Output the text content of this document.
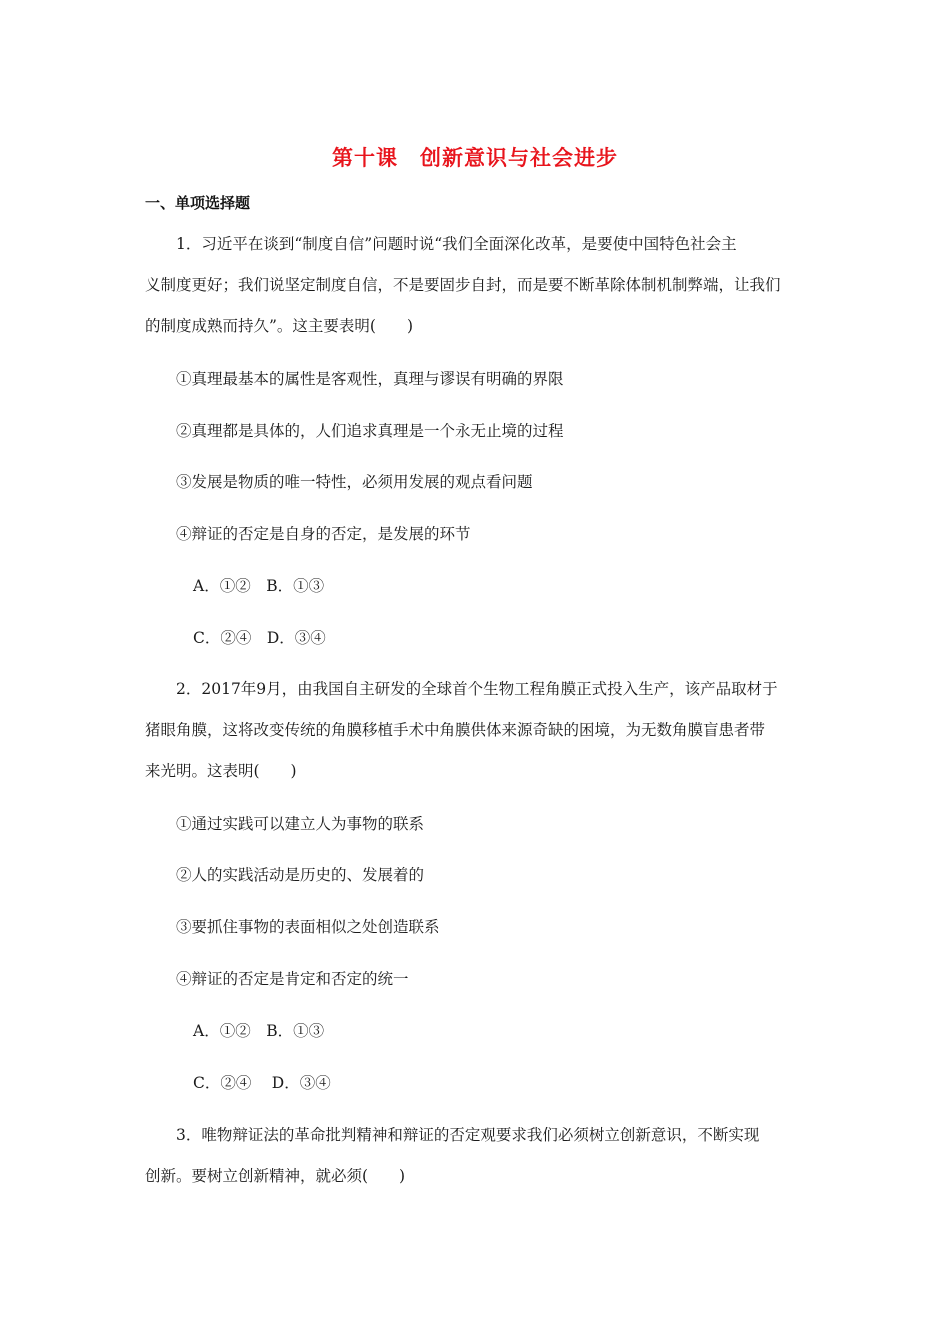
第十课　创新意识与社会进步
一、单项选择题
1．习近平在谈到“制度自信”问题时说“我们全面深化改革，是要使中国特色社会主
义制度更好；我们说坚定制度自信，不是要固步自封，而是要不断革除体制机制弊端，让我们
的制度成熟而持久”。这主要表明(　　)
①真理最基本的属性是客观性，真理与谬误有明确的界限
②真理都是具体的，人们追求真理是一个永无止境的过程
③发展是物质的唯一特性，必须用发展的观点看问题
④辩证的否定是自身的否定，是发展的环节
A．①②　B．①③
C．②④　D．③④
2．2017年9月，由我国自主研发的全球首个生物工程角膜正式投入生产，该产品取材于
猪眼角膜，这将改变传统的角膜移植手术中角膜供体来源奇缺的困境，为无数角膜盲患者带
来光明。这表明(　　)
①通过实践可以建立人为事物的联系
②人的实践活动是历史的、发展着的
③要抓住事物的表面相似之处创造联系
④辩证的否定是肯定和否定的统一
A．①②　B．①③
C．②④　 D．③④
3．唯物辩证法的革命批判精神和辩证的否定观要求我们必须树立创新意识，不断实现
创新。要树立创新精神，就必须(　　)
